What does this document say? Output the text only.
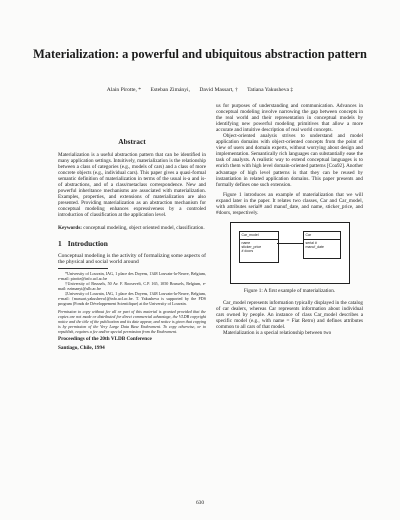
Materialization: a powerful and ubiquitous abstraction pattern
Alain Pirotte, * Esteban Zimányi, David Massart, † Tatiana Yakusheva ‡
Abstract

Materialization is a useful abstraction pattern that can be identified in many application settings. Intuitively, materialization is the relationship between a class of categories (e.g., models of cars) and a class of more concrete objects (e.g., individual cars). This paper gives a quasi-formal semantic definition of materialization in terms of the usual is-a and is-of abstractions, and of a class/metaclass correspondence. New and powerful inheritance mechanisms are associated with materialization. Examples, properties, and extensions of materialization are also presented. Providing materialization as an abstraction mechanism for conceptual modeling enhances expressiveness by a controled introduction of classification at the application level.

Keywords: conceptual modeling, object oriented model, classification.
1 Introduction

Conceptual modeling is the activity of formalizing some aspects of the physical and social world around

*University of Louvain, IAG, 1 place des Doyens, 1348 Louvain-la-Neuve, Belgium, e-mail: pirotte@info.ucl.ac.be

†University of Brussels, 50 Av. F. Roosevelt, C.P. 165, 1050 Brussels, Belgium, e-mail: ezimanyi@ulb.ac.be

‡University of Louvain, IAG, 1 place des Doyens, 1348 Louvain-la-Neuve, Belgium, e-mail: {massart,yakusheva}@info.ucl.ac.be. T. Yakusheva is supported by the FDS program (Fonds de Développement Scientifique) at the University of Louvain.

Permission to copy without fee all or part of this material is granted provided that the copies are not made or distributed for direct commercial advantage, the VLDB copyright notice and the title of the publication and its date appear, and notice is given that copying is by permission of the Very Large Data Base Endowment. To copy otherwise, or to republish, requires a fee and/or special permission from the Endowment.
Proceedings of the 20th VLDB Conference
Santiago, Chile, 1994

us for purposes of understanding and communication. Advances in conceptual modeling involve narrowing the gap between concepts in the real world and their representation in conceptual models by identifying new powerful modeling primitives that allow a more accurate and intuitive description of real world concepts.

Object-oriented analysis strives to understand and model application domains with object-oriented concepts from the point of view of users and domain experts, without worrying about design and implementation. Semantically rich languages can substantially ease the task of analysts. A realistic way to extend conceptual languages is to enrich them with high level domain-oriented patterns [Coa92]. Another advantage of high level patterns is that they can be reused by instantiation in related application domains. This paper presents and formally defines one such extension.

Figure 1 introduces an example of materialization that we will expand later in the paper. It relates two classes, Car and Car_model, with attributes serial# and manuf_date, and name, sticker_price, and #doors, respectively.

Car_model
name
sticker_price
# doors
Car
serial #
manuf_date
Figure 1: A first example of materialization.

Car_model represents information typically displayed in the catalog of car dealers, whereas Car represents information about individual cars owned by people. An instance of class Car_model describes a specific model (e.g., with name = Fiat Retro) and defines attributes common to all cars of that model.

Materialization is a special relationship between two

630
